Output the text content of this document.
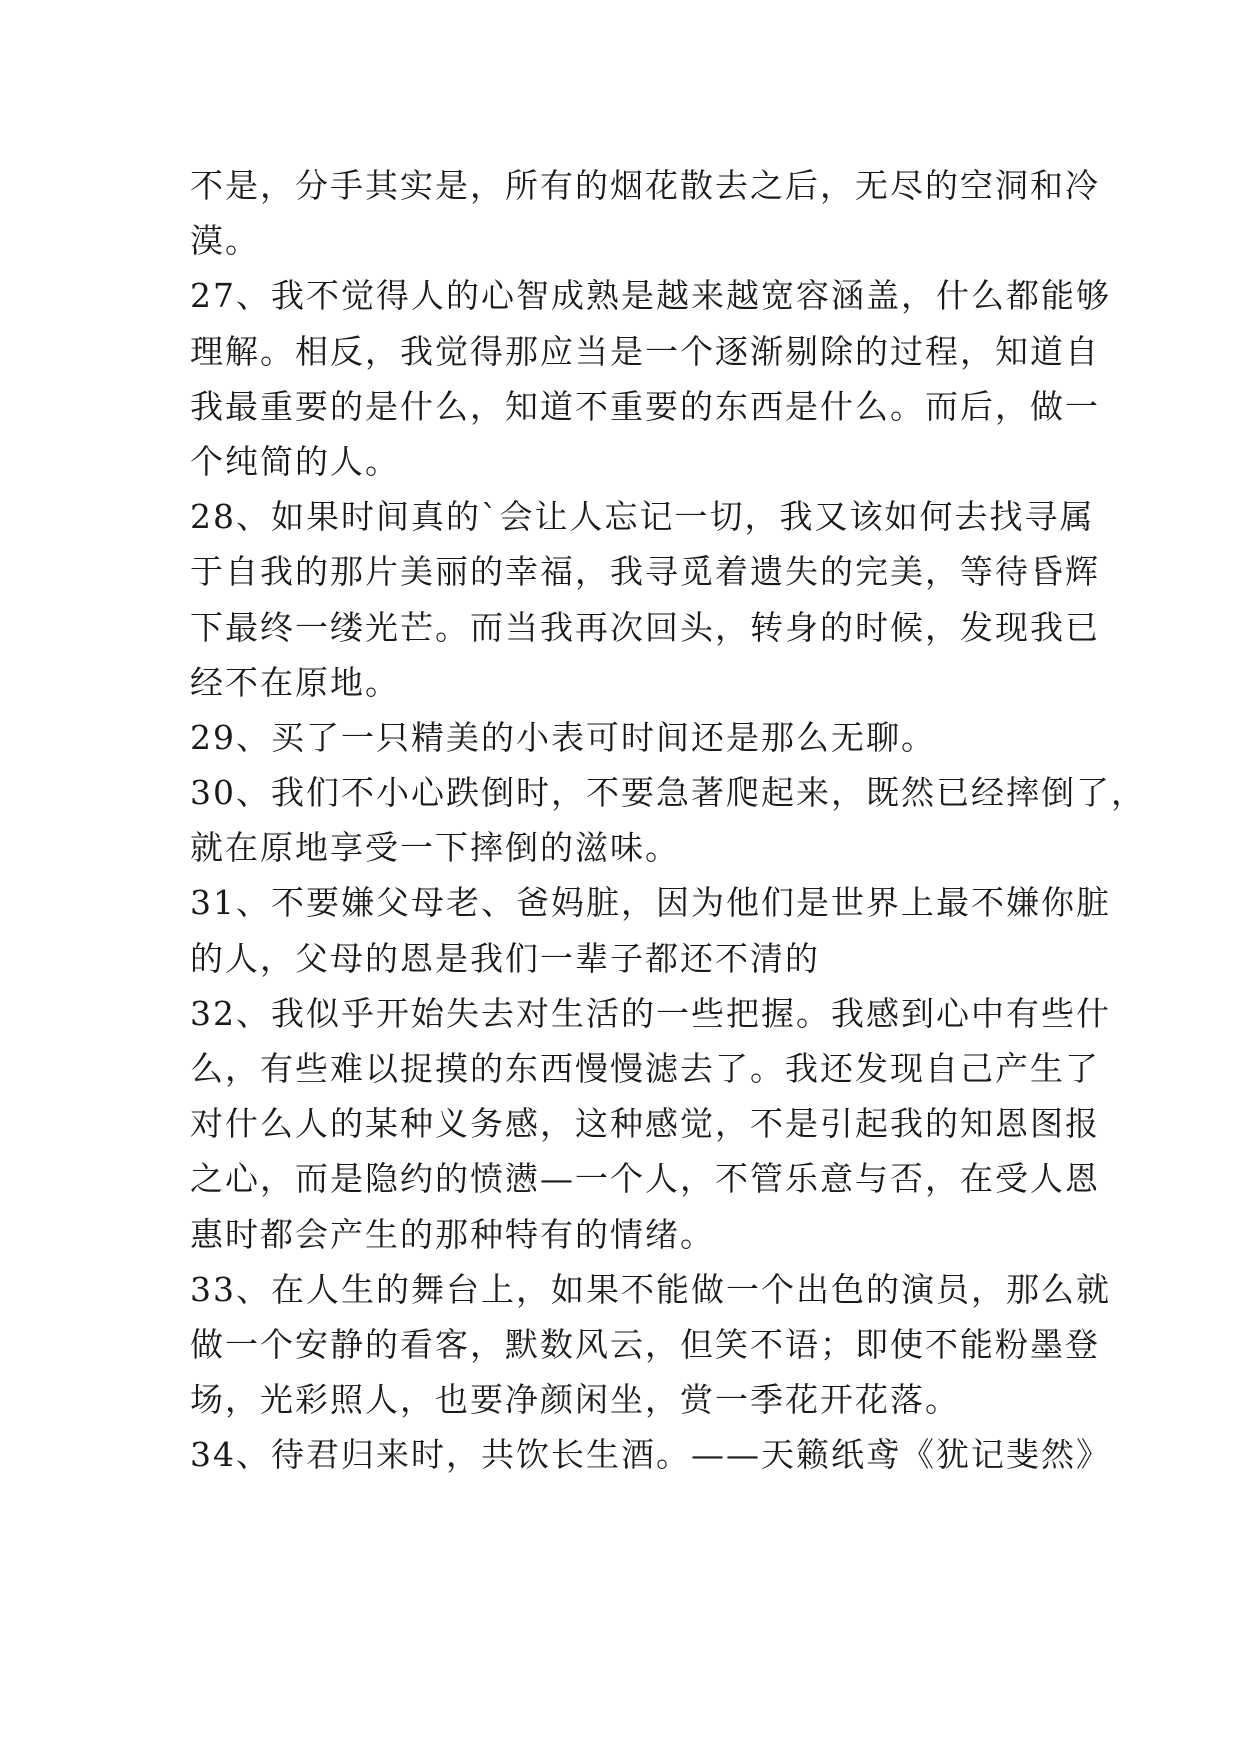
不是，分手其实是，所有的烟花散去之后，无尽的空洞和冷
漠。
27、我不觉得人的心智成熟是越来越宽容涵盖，什么都能够
理解。相反，我觉得那应当是一个逐渐剔除的过程，知道自
我最重要的是什么，知道不重要的东西是什么。而后，做一
个纯简的人。
28、如果时间真的`会让人忘记一切，我又该如何去找寻属
于自我的那片美丽的幸福，我寻觅着遗失的完美，等待昏辉
下最终一缕光芒。而当我再次回头，转身的时候，发现我已
经不在原地。
29、买了一只精美的小表可时间还是那么无聊。
30、我们不小心跌倒时，不要急著爬起来，既然已经摔倒了，
就在原地享受一下摔倒的滋味。
31、不要嫌父母老、爸妈脏，因为他们是世界上最不嫌你脏
的人，父母的恩是我们一辈子都还不清的
32、我似乎开始失去对生活的一些把握。我感到心中有些什
么，有些难以捉摸的东西慢慢滤去了。我还发现自己产生了
对什么人的某种义务感，这种感觉，不是引起我的知恩图报
之心，而是隐约的愤懑—一个人，不管乐意与否，在受人恩
惠时都会产生的那种特有的情绪。
33、在人生的舞台上，如果不能做一个出色的演员，那么就
做一个安静的看客，默数风云，但笑不语；即使不能粉墨登
场，光彩照人，也要净颜闲坐，赏一季花开花落。
34、待君归来时，共饮长生酒。——天籁纸鸢《犹记斐然》
